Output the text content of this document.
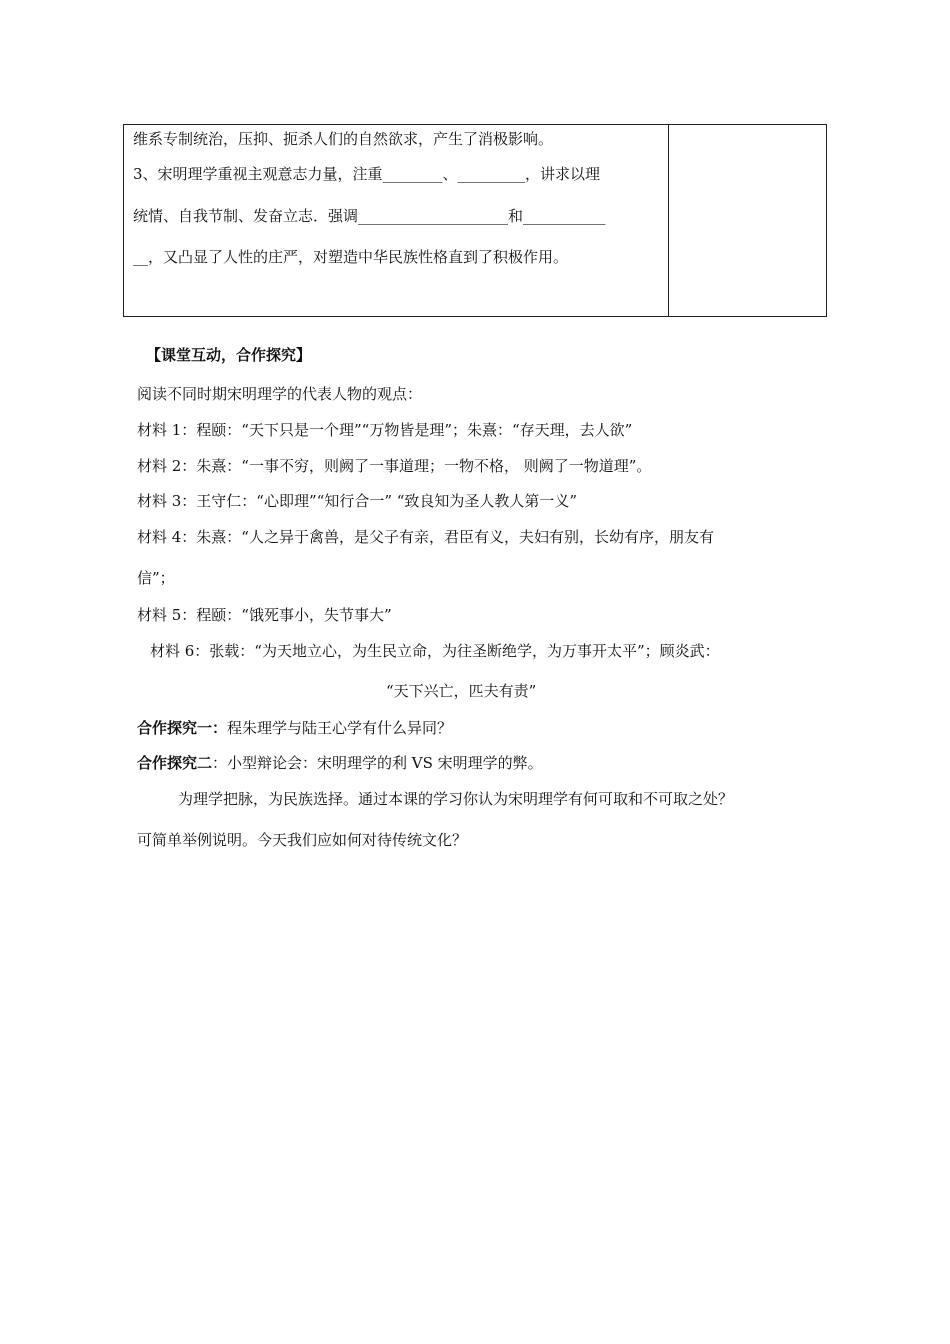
维系专制统治，压抑、扼杀人们的自然欲求，产生了消极影响。
3、宋明理学重视主观意志力量，注重________、_________，讲求以理
统情、自我节制、发奋立志．强调____________________和___________
__，又凸显了人性的庄严，对塑造中华民族性格直到了积极作用。
【课堂互动，合作探究】
阅读不同时期宋明理学的代表人物的观点：
材料 1：程颐：“天下只是一个理”“万物皆是理”；朱熹：“存天理，去人欲”
材料 2：朱熹：“一事不穷，则阙了一事道理；一物不格， 则阙了一物道理”。
材料 3：王守仁：“心即理”“知行合一” “致良知为圣人教人第一义”
材料 4：朱熹：“人之异于禽兽，是父子有亲，君臣有义，夫妇有别，长幼有序，朋友有
信”；
材料 5：程颐：“饿死事小，失节事大”
材料 6：张载：“为天地立心，为生民立命，为往圣断绝学，为万事开太平”；顾炎武：
“天下兴亡，匹夫有责”
合作探究一：程朱理学与陆王心学有什么异同？
合作探究二：小型辩论会：宋明理学的利 VS 宋明理学的弊。
为理学把脉，为民族选择。通过本课的学习你认为宋明理学有何可取和不可取之处？
可简单举例说明。今天我们应如何对待传统文化？
